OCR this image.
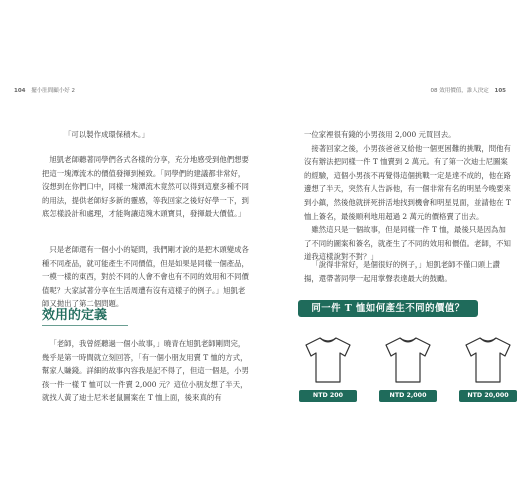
104 擺小肚間顧小好 2

「可以製作成環保積木。」

旭凱老師聽著同學們各式各樣的分享，充分地感受到他們想要把這一塊潭流木的價值發揮到極致。「同學們的建議都非常好，沒想到在你們口中，同樣一塊潭流木竟然可以得到這麼多種不同的用法，提供老師好多新的靈感，等我回家之後好好學一下，到底怎樣設計和處理，才能夠讓這塊木頭寶貝，發揮最大價值。」

只是老師還有一個小小的疑問，我們剛才說的是把木頭變成各種不同產品，就可能產生不同價值，但是如果是同樣一個產品，一模一樣的東西，對於不同的人會不會也有不同的效用和不同價值呢？大家試著分享在生活周遭有沒有這樣子的例子。」旭凱老師又拋出了第二個問題。

效用的定義

「老師，我曾經聽過一個小故事，」曉青在旭凱老師剛問完，幾乎是第一時間就立刻回答，「有一個小朋友用賣 T 恤的方式，幫家人賺錢。詳細的故事內容我是記不得了，但這一個是，小男孩一件一樣 T 恤可以一件賣 2,000 元？這位小朋友想了半天，就找人黃了迪士尼米老鼠圖案在 T 恤上面，後來真的有

08 效用價值，誰人決定 105

一位家裡很有錢的小男孩用 2,000 元買回去。

接著回家之後，小男孩爸爸又給他一個更困難的挑戰，問他有沒有辦法把同樣一件 T 恤賣到 2 萬元。有了第一次迪士尼圖案的經驗，這個小男孩不再覺得這個挑戰一定是達不成的，他在路邊想了半天，突然有人告訴他，有一個非常有名的明星今晚要來到小鎮，然後他就拼死拼活地找到機會和明星見面，並請他在 T 恤上簽名，最後順利地用超過 2 萬元的價格賣了出去。

雖然這只是一個故事，但是同樣一件 T 恤，最後只是因為加了不同的圖案和簽名，就產生了不同的效用和價值。老師，不知道我這樣說對不對？」

「說得非常好，是個很好的例子，」旭凱老師不僅口頭上讚揚，還帶著同學一起用掌聲表達最大的鼓勵。

同一件 T 恤如何產生不同的價值？
NTD 200	NTD 2,000	NTD 20,000
